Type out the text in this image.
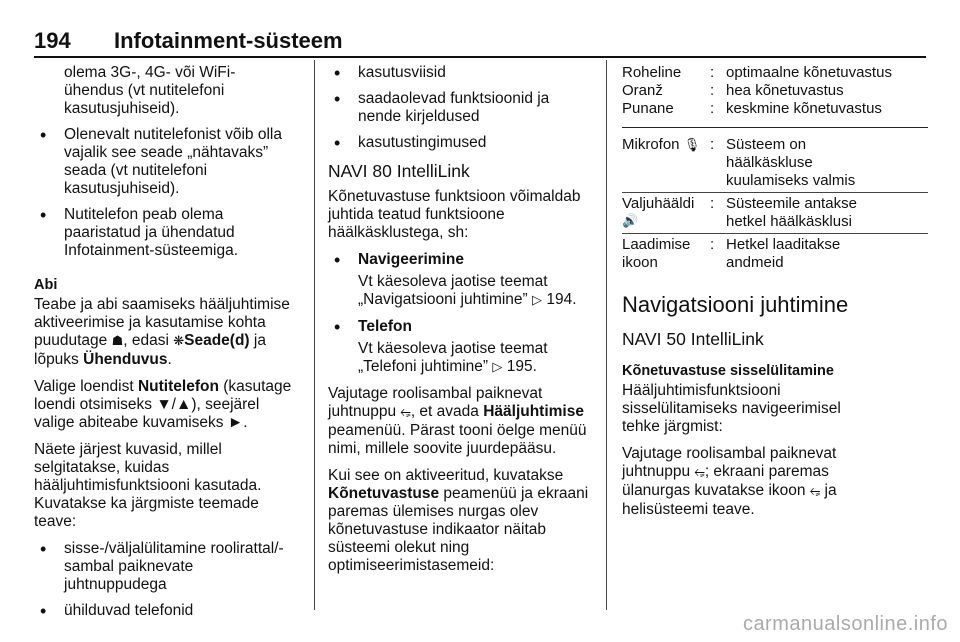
194 Infotainment-süsteem
olema 3G-, 4G- või WiFi-
ühendus (vt nutitelefoni
kasutusjuhiseid).
• Olenevalt nutitelefonist võib olla
vajalik see seade „nähtavaks”
seada (vt nutitelefoni
kasutusjuhiseid).
• Nutitelefon peab olema
paaristatud ja ühendatud
Infotainment-süsteemiga.
Abi

Teabe ja abi saamiseks hääljuhtimise
aktiveerimise ja kasutamise kohta
puudutage ☗, edasi ❋Seade(d) ja
lõpuks Ühenduvus.

Valige loendist Nutitelefon (kasutage
loendi otsimiseks ▼/▲), seejärel
valige abiteabe kuvamiseks ►.

Näete järjest kuvasid, millel
selgitatakse, kuidas
hääljuhtimisfunktsiooni kasutada.
Kuvatakse ka järgmiste teemade
teave:

• sisse-/väljalülitamine roolirattal/-
sambal paiknevate
juhtnuppudega
• ühilduvad telefonid
• kasutusviisid
• saadaolevad funktsioonid ja
nende kirjeldused
• kasutustingimused
NAVI 80 IntelliLink

Kõnetuvastuse funktsioon võimaldab
juhtida teatud funktsioone
häälkäsklustega, sh:

• Navigeerimine
Vt käesoleva jaotise teemat
„Navigatsiooni juhtimine” ▷ 194.
• Telefon
Vt käesoleva jaotise teemat
„Telefoni juhtimine” ▷ 195.

Vajutage roolisambal paiknevat
juhtnuppu ⭂, et avada Hääljuhtimise
peamenüü. Pärast tooni öelge menüü
nimi, millele soovite juurdepääsu.

Kui see on aktiveeritud, kuvatakse
Kõnetuvastuse peamenüü ja ekraani
paremas ülemises nurgas olev
kõnetuvastuse indikaator näitab
süsteemi olekut ning
optimiseerimistasemeid:

Roheline	: optimaalne kõnetuvastus
Oranž	: hea kõnetuvastus
Punane	: keskmine kõnetuvastus
Mikrofon 🎙 : Süsteem on
häälkäskluse
kuulamiseks valmis
Valjuhääldi
🔊
: Süsteemile antakse
hetkel häälkäsklusi
Laadimise
ikoon
: Hetkel laaditakse
andmeid
Navigatsiooni juhtimine
NAVI 50 IntelliLink
Kõnetuvastuse sisselülitamine

Hääljuhtimisfunktsiooni
sisselülitamiseks navigeerimisel
tehke järgmist:

Vajutage roolisambal paiknevat
juhtnuppu ⭂; ekraani paremas
ülanurgas kuvatakse ikoon ⭂ ja
helisüsteemi teave.

carmanualsonline.info
